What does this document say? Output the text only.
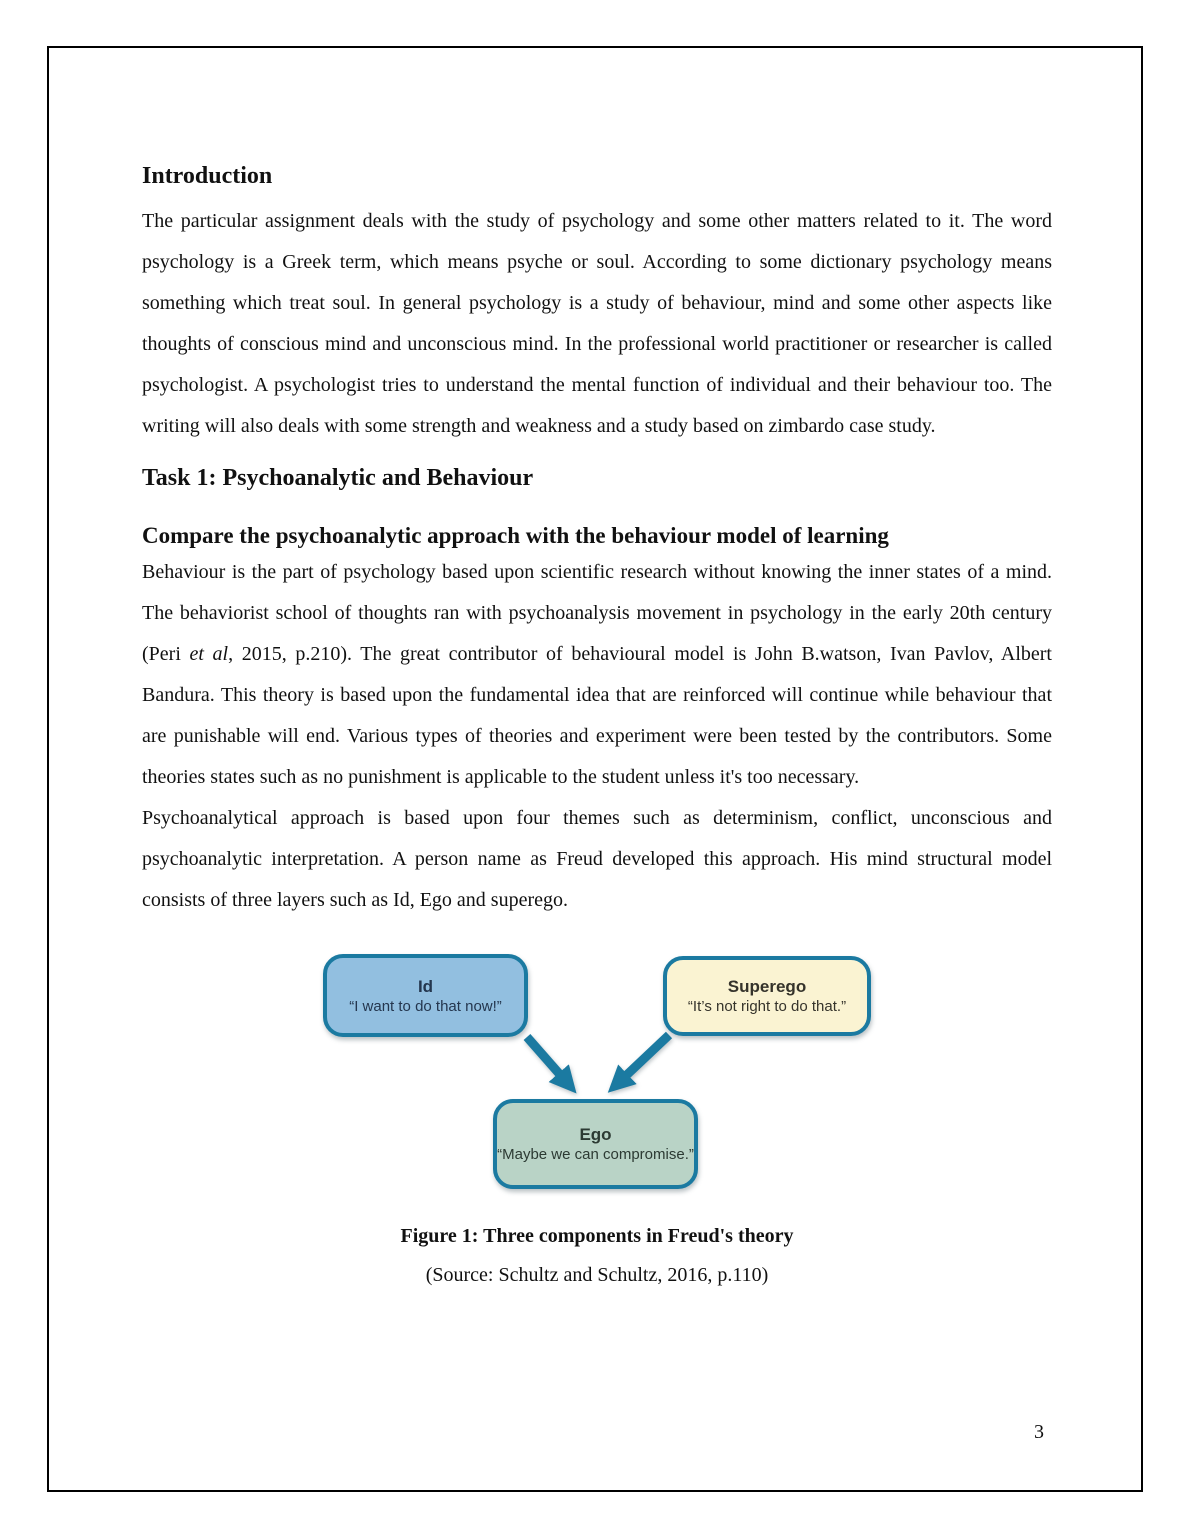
Introduction

The particular assignment deals with the study of psychology and some other matters related to it. The word psychology is a Greek term, which means psyche or soul. According to some dictionary psychology means something which treat soul. In general psychology is a study of behaviour, mind and some other aspects like thoughts of conscious mind and unconscious mind. In the professional world practitioner or researcher is called psychologist. A psychologist tries to understand the mental function of individual and their behaviour too. The writing will also deals with some strength and weakness and a study based on zimbardo case study.

Task 1: Psychoanalytic and Behaviour
Compare the psychoanalytic approach with the behaviour model of learning

Behaviour is the part of psychology based upon scientific research without knowing the inner states of a mind. The behaviorist school of thoughts ran with psychoanalysis movement in psychology in the early 20th century (Peri et al, 2015, p.210). The great contributor of behavioural model is John B.watson, Ivan Pavlov, Albert Bandura. This theory is based upon the fundamental idea that are reinforced will continue while behaviour that are punishable will end. Various types of theories and experiment were been tested by the contributors. Some theories states such as no punishment is applicable to the student unless it's too necessary.

Psychoanalytical approach is based upon four themes such as determinism, conflict, unconscious and psychoanalytic interpretation. A person name as Freud developed this approach. His mind structural model consists of three layers such as Id, Ego and superego.

Id
“I want to do that now!”
Superego
“It’s not right to do that.”
Ego
“Maybe we can compromise.”

Figure 1: Three components in Freud's theory

(Source: Schultz and Schultz, 2016, p.110)

3
